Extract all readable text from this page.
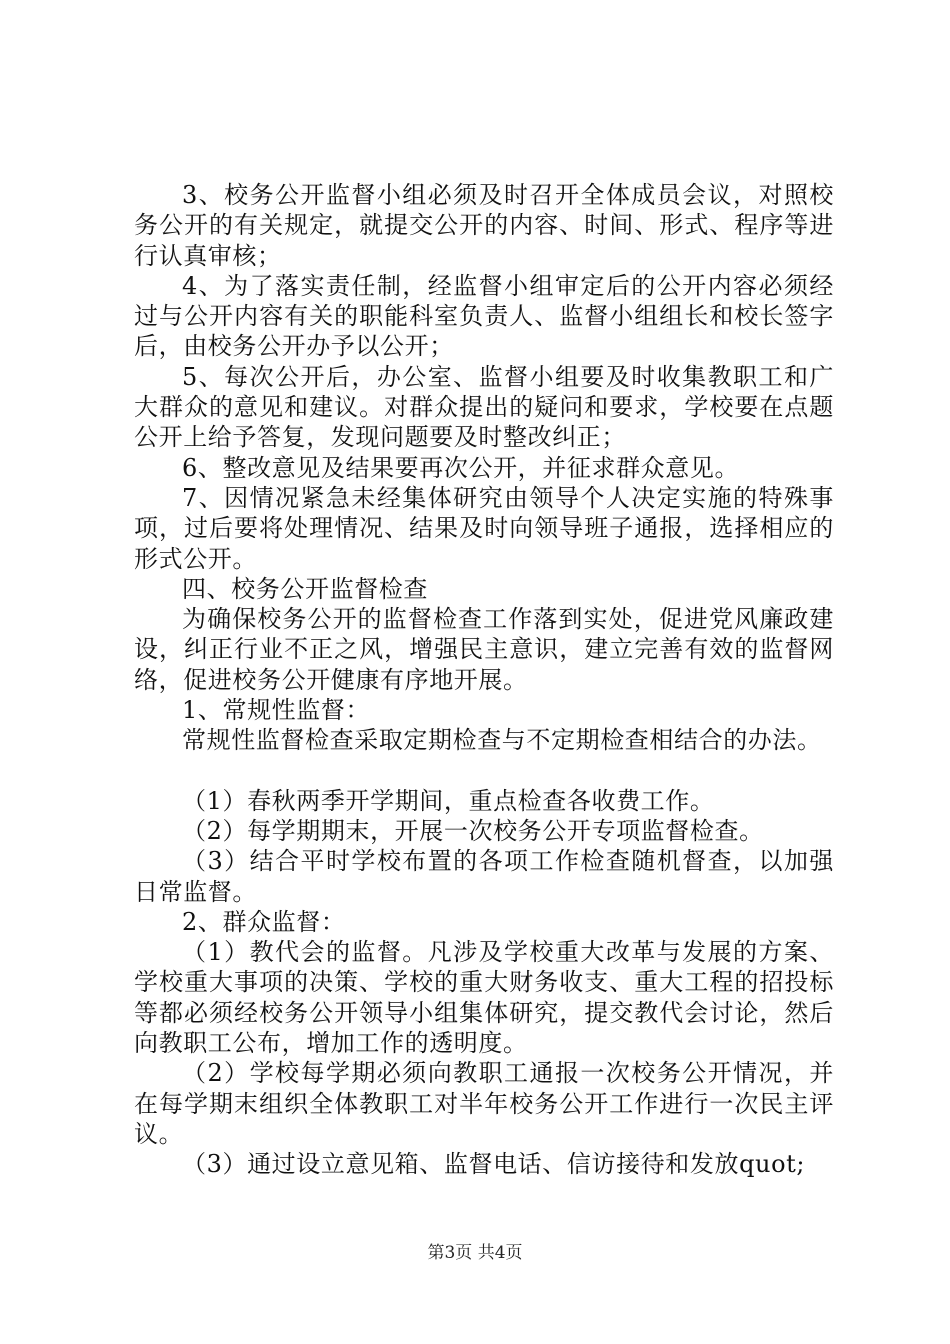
3、校务公开监督小组必须及时召开全体成员会议，对照校务公开的有关规定，就提交公开的内容、时间、形式、程序等进行认真审核；

4、为了落实责任制，经监督小组审定后的公开内容必须经过与公开内容有关的职能科室负责人、监督小组组长和校长签字后，由校务公开办予以公开；

5、每次公开后，办公室、监督小组要及时收集教职工和广大群众的意见和建议。对群众提出的疑问和要求，学校要在点题公开上给予答复，发现问题要及时整改纠正；

6、整改意见及结果要再次公开，并征求群众意见。

7、因情况紧急未经集体研究由领导个人决定实施的特殊事项，过后要将处理情况、结果及时向领导班子通报，选择相应的形式公开。

四、校务公开监督检查

为确保校务公开的监督检查工作落到实处，促进党风廉政建设，纠正行业不正之风，增强民主意识，建立完善有效的监督网络，促进校务公开健康有序地开展。

1、常规性监督：

常规性监督检查采取定期检查与不定期检查相结合的办法。

（1）春秋两季开学期间，重点检查各收费工作。

（2）每学期期末，开展一次校务公开专项监督检查。

（3）结合平时学校布置的各项工作检查随机督查，以加强日常监督。

2、群众监督：

（1）教代会的监督。凡涉及学校重大改革与发展的方案、学校重大事项的决策、学校的重大财务收支、重大工程的招投标等都必须经校务公开领导小组集体研究，提交教代会讨论，然后向教职工公布，增加工作的透明度。

（2）学校每学期必须向教职工通报一次校务公开情况，并在每学期末组织全体教职工对半年校务公开工作进行一次民主评议。

（3）通过设立意见箱、监督电话、信访接待和发放quot;

第3页 共4页
